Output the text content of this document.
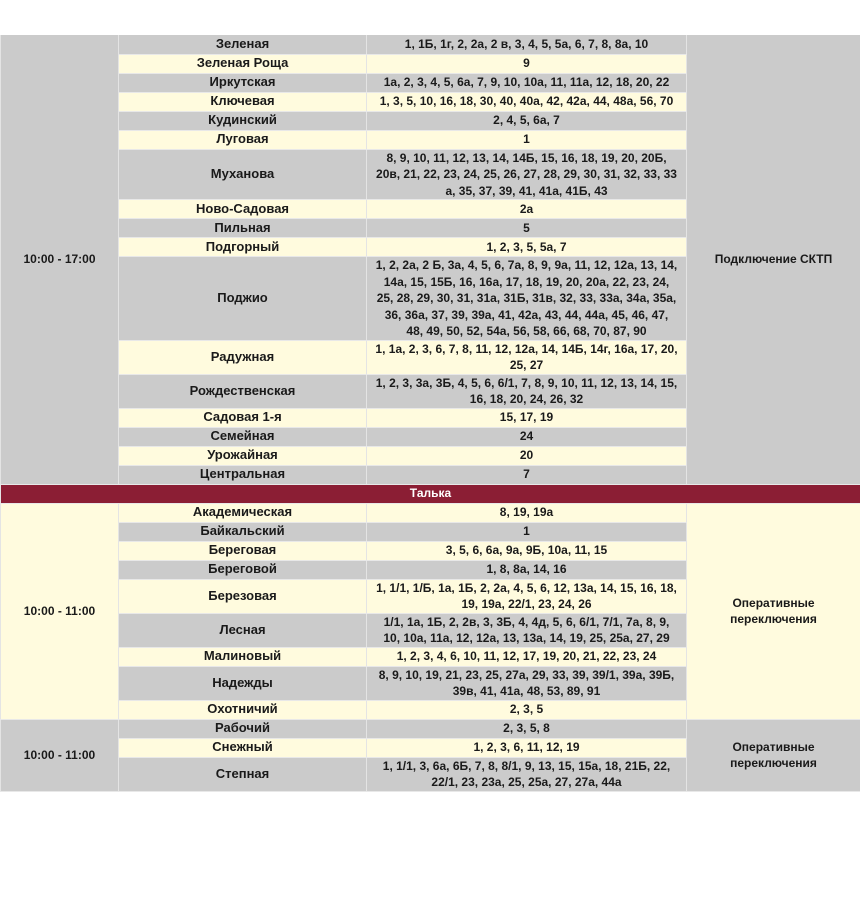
10:00 - 17:00	Зеленая	1, 1Б, 1г, 2, 2а, 2 в, 3, 4, 5, 5а, 6, 7, 8, 8а, 10	Подключение СКТП
	Зеленая Роща	9	
	Иркутская	1а, 2, 3, 4, 5, 6а, 7, 9, 10, 10а, 11, 11а, 12, 18, 20, 22	
	Ключевая	1, 3, 5, 10, 16, 18, 30, 40, 40а, 42, 42а, 44, 48а, 56, 70	
	Кудинский	2, 4, 5, 6а, 7	
	Луговая	1	
	Муханова	8, 9, 10, 11, 12, 13, 14, 14Б, 15, 16, 18, 19, 20, 20Б, 20в, 21, 22, 23, 24, 25, 26, 27, 28, 29, 30, 31, 32, 33, 33 а, 35, 37, 39, 41, 41а, 41Б, 43	
	Ново-Садовая	2а	
	Пильная	5	
	Подгорный	1, 2, 3, 5, 5а, 7	
	Поджио	1, 2, 2а, 2 Б, 3а, 4, 5, 6, 7а, 8, 9, 9а, 11, 12, 12а, 13, 14, 14а, 15, 15Б, 16, 16а, 17, 18, 19, 20, 20а, 22, 23, 24, 25, 28, 29, 30, 31, 31а, 31Б, 31в, 32, 33, 33а, 34а, 35а, 36, 36а, 37, 39, 39а, 41, 42а, 43, 44, 44а, 45, 46, 47, 48, 49, 50, 52, 54а, 56, 58, 66, 68, 70, 87, 90	
	Радужная	1, 1а, 2, 3, 6, 7, 8, 11, 12, 12а, 14, 14Б, 14г, 16а, 17, 20, 25, 27	
	Рождественская	1, 2, 3, 3а, 3Б, 4, 5, 6, 6/1, 7, 8, 9, 10, 11, 12, 13, 14, 15, 16, 18, 20, 24, 26, 32	
	Садовая 1-я	15, 17, 19	
	Семейная	24	
	Урожайная	20	
	Центральная	7	
Талька			
10:00 - 11:00	Академическая	8, 19, 19а	Оперативные переключения
	Байкальский	1	
	Береговая	3, 5, 6, 6а, 9а, 9Б, 10а, 11, 15	
	Береговой	1, 8, 8а, 14, 16	
	Березовая	1, 1/1, 1/Б, 1а, 1Б, 2, 2а, 4, 5, 6, 12, 13а, 14, 15, 16, 18, 19, 19а, 22/1, 23, 24, 26	
	Лесная	1/1, 1а, 1Б, 2, 2в, 3, 3Б, 4, 4д, 5, 6, 6/1, 7/1, 7а, 8, 9, 10, 10а, 11а, 12, 12а, 13, 13а, 14, 19, 25, 25а, 27, 29	
	Малиновый	1, 2, 3, 4, 6, 10, 11, 12, 17, 19, 20, 21, 22, 23, 24	
	Надежды	8, 9, 10, 19, 21, 23, 25, 27а, 29, 33, 39, 39/1, 39а, 39Б, 39в, 41, 41а, 48, 53, 89, 91	
	Охотничий	2, 3, 5	
10:00 - 11:00	Рабочий	2, 3, 5, 8	Оперативные переключения
	Снежный	1, 2, 3, 6, 11, 12, 19	
	Степная	1, 1/1, 3, 6а, 6Б, 7, 8, 8/1, 9, 13, 15, 15а, 18, 21Б, 22, 22/1, 23, 23а, 25, 25а, 27, 27а, 44а	
